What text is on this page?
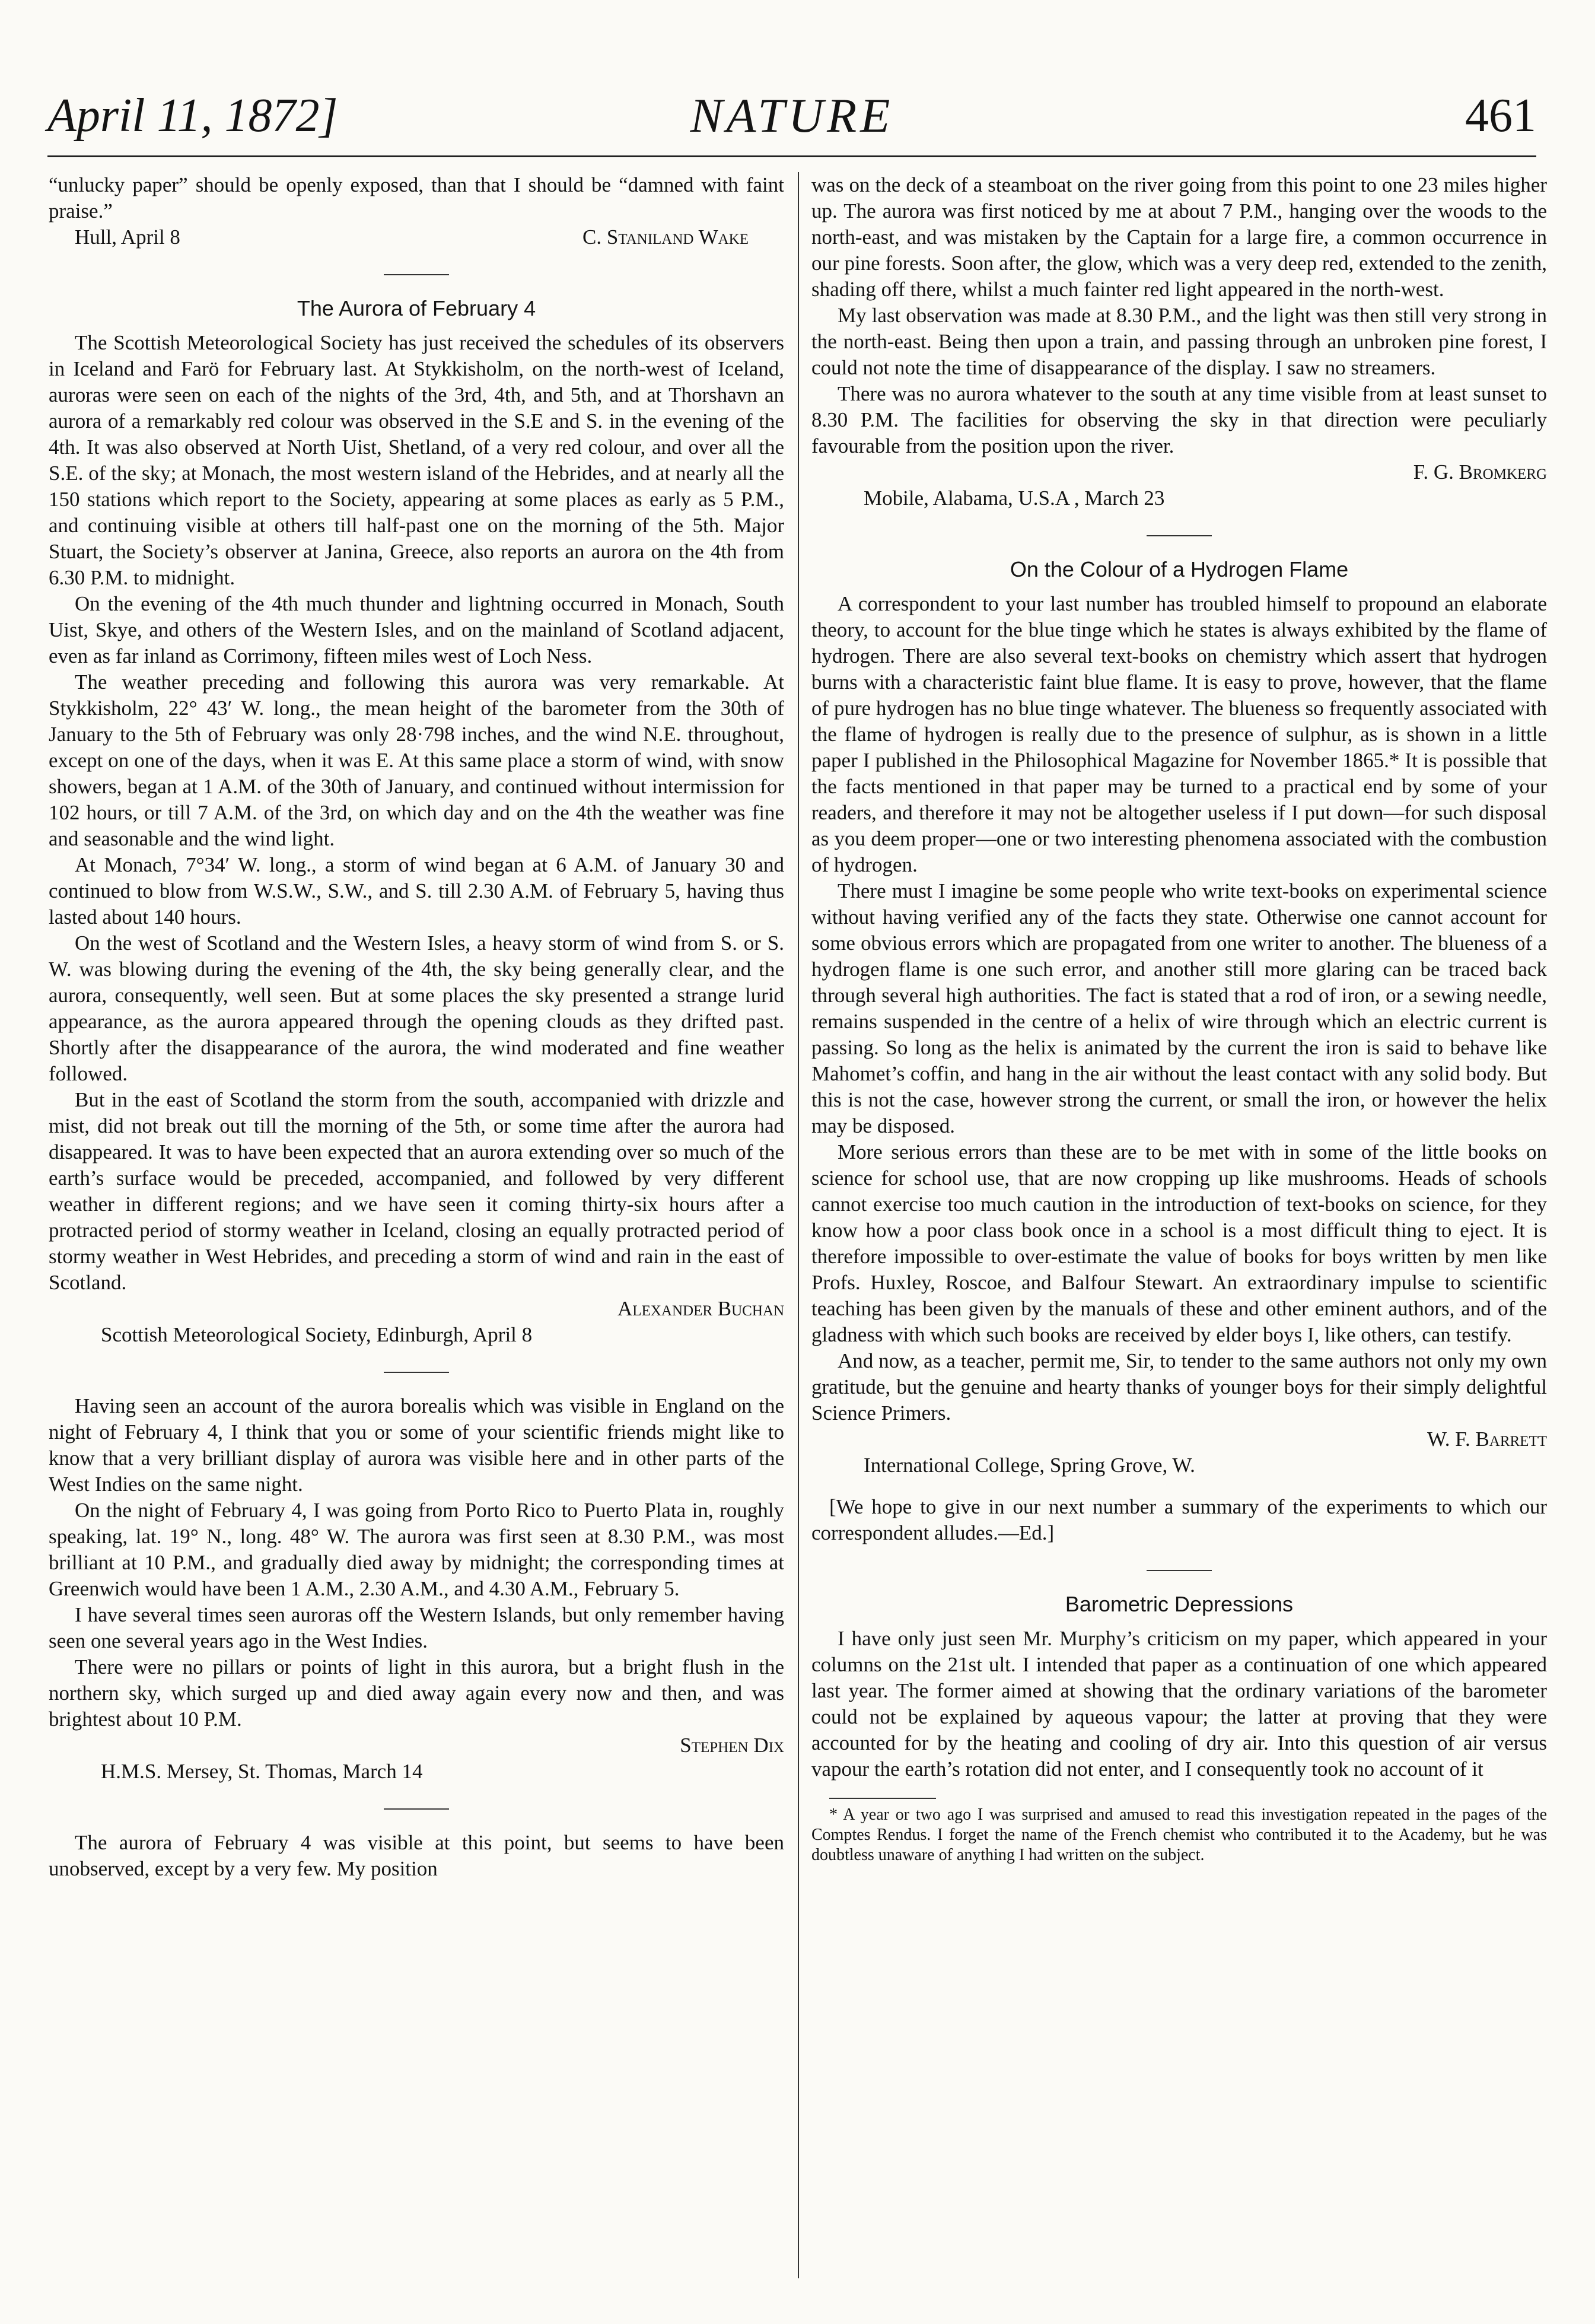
April 11, 1872]	NATURE	461

“unlucky paper” should be openly exposed, than that I should be “damned with faint praise.”

Hull, April 8	C. Staniland Wake
The Aurora of February 4

The Scottish Meteorological Society has just received the schedules of its observers in Iceland and Farö for February last. At Stykkisholm, on the north-west of Iceland, auroras were seen on each of the nights of the 3rd, 4th, and 5th, and at Thorshavn an aurora of a remarkably red colour was observed in the S.E and S. in the evening of the 4th. It was also observed at North Uist, Shetland, of a very red colour, and over all the S.E. of the sky; at Monach, the most western island of the Hebrides, and at nearly all the 150 stations which report to the Society, appearing at some places as early as 5 P.M., and continuing visible at others till half-past one on the morning of the 5th. Major Stuart, the Society’s observer at Janina, Greece, also reports an aurora on the 4th from 6.30 P.M. to midnight.

On the evening of the 4th much thunder and lightning occurred in Monach, South Uist, Skye, and others of the Western Isles, and on the mainland of Scotland adjacent, even as far inland as Corrimony, fifteen miles west of Loch Ness.

The weather preceding and following this aurora was very remarkable. At Stykkisholm, 22° 43′ W. long., the mean height of the barometer from the 30th of January to the 5th of February was only 28·798 inches, and the wind N.E. throughout, except on one of the days, when it was E. At this same place a storm of wind, with snow showers, began at 1 A.M. of the 30th of January, and continued without intermission for 102 hours, or till 7 A.M. of the 3rd, on which day and on the 4th the weather was fine and seasonable and the wind light.

At Monach, 7°34′ W. long., a storm of wind began at 6 A.M. of January 30 and continued to blow from W.S.W., S.W., and S. till 2.30 A.M. of February 5, having thus lasted about 140 hours.

On the west of Scotland and the Western Isles, a heavy storm of wind from S. or S. W. was blowing during the evening of the 4th, the sky being generally clear, and the aurora, consequently, well seen. But at some places the sky presented a strange lurid appearance, as the aurora appeared through the opening clouds as they drifted past. Shortly after the disappearance of the aurora, the wind moderated and fine weather followed.

But in the east of Scotland the storm from the south, accompanied with drizzle and mist, did not break out till the morning of the 5th, or some time after the aurora had disappeared. It was to have been expected that an aurora extending over so much of the earth’s surface would be preceded, accompanied, and followed by very different weather in different regions; and we have seen it coming thirty-six hours after a protracted period of stormy weather in Iceland, closing an equally protracted period of stormy weather in West Hebrides, and preceding a storm of wind and rain in the east of Scotland.

Alexander Buchan

Scottish Meteorological Society, Edinburgh, April 8

Having seen an account of the aurora borealis which was visible in England on the night of February 4, I think that you or some of your scientific friends might like to know that a very brilliant display of aurora was visible here and in other parts of the West Indies on the same night.

On the night of February 4, I was going from Porto Rico to Puerto Plata in, roughly speaking, lat. 19° N., long. 48° W. The aurora was first seen at 8.30 P.M., was most brilliant at 10 P.M., and gradually died away by midnight; the corresponding times at Greenwich would have been 1 A.M., 2.30 A.M., and 4.30 A.M., February 5.

I have several times seen auroras off the Western Islands, but only remember having seen one several years ago in the West Indies.

There were no pillars or points of light in this aurora, but a bright flush in the northern sky, which surged up and died away again every now and then, and was brightest about 10 P.M.

Stephen Dix

H.M.S. Mersey, St. Thomas, March 14

The aurora of February 4 was visible at this point, but seems to have been unobserved, except by a very few. My position

was on the deck of a steamboat on the river going from this point to one 23 miles higher up. The aurora was first noticed by me at about 7 P.M., hanging over the woods to the north-east, and was mistaken by the Captain for a large fire, a common occurrence in our pine forests. Soon after, the glow, which was a very deep red, extended to the zenith, shading off there, whilst a much fainter red light appeared in the north-west.

My last observation was made at 8.30 P.M., and the light was then still very strong in the north-east. Being then upon a train, and passing through an unbroken pine forest, I could not note the time of disappearance of the display. I saw no streamers.

There was no aurora whatever to the south at any time visible from at least sunset to 8.30 P.M. The facilities for observing the sky in that direction were peculiarly favourable from the position upon the river.

F. G. Bromkerg

Mobile, Alabama, U.S.A , March 23

On the Colour of a Hydrogen Flame

A correspondent to your last number has troubled himself to propound an elaborate theory, to account for the blue tinge which he states is always exhibited by the flame of hydrogen. There are also several text-books on chemistry which assert that hydrogen burns with a characteristic faint blue flame. It is easy to prove, however, that the flame of pure hydrogen has no blue tinge whatever. The blueness so frequently associated with the flame of hydrogen is really due to the presence of sulphur, as is shown in a little paper I published in the Philosophical Magazine for November 1865.* It is possible that the facts mentioned in that paper may be turned to a practical end by some of your readers, and therefore it may not be altogether useless if I put down—for such disposal as you deem proper—one or two interesting phenomena associated with the combustion of hydrogen.

There must I imagine be some people who write text-books on experimental science without having verified any of the facts they state. Otherwise one cannot account for some obvious errors which are propagated from one writer to another. The blueness of a hydrogen flame is one such error, and another still more glaring can be traced back through several high authorities. The fact is stated that a rod of iron, or a sewing needle, remains suspended in the centre of a helix of wire through which an electric current is passing. So long as the helix is animated by the current the iron is said to behave like Mahomet’s coffin, and hang in the air without the least contact with any solid body. But this is not the case, however strong the current, or small the iron, or however the helix may be disposed.

More serious errors than these are to be met with in some of the little books on science for school use, that are now cropping up like mushrooms. Heads of schools cannot exercise too much caution in the introduction of text-books on science, for they know how a poor class book once in a school is a most difficult thing to eject. It is therefore impossible to over-estimate the value of books for boys written by men like Profs. Huxley, Roscoe, and Balfour Stewart. An extraordinary impulse to scientific teaching has been given by the manuals of these and other eminent authors, and of the gladness with which such books are received by elder boys I, like others, can testify.

And now, as a teacher, permit me, Sir, to tender to the same authors not only my own gratitude, but the genuine and hearty thanks of younger boys for their simply delightful Science Primers.

W. F. Barrett

International College, Spring Grove, W.

[We hope to give in our next number a summary of the experiments to which our correspondent alludes.—Ed.]

Barometric Depressions

I have only just seen Mr. Murphy’s criticism on my paper, which appeared in your columns on the 21st ult. I intended that paper as a continuation of one which appeared last year. The former aimed at showing that the ordinary variations of the barometer could not be explained by aqueous vapour; the latter at proving that they were accounted for by the heating and cooling of dry air. Into this question of air versus vapour the earth’s rotation did not enter, and I consequently took no account of it

* A year or two ago I was surprised and amused to read this investigation repeated in the pages of the Comptes Rendus. I forget the name of the French chemist who contributed it to the Academy, but he was doubtless unaware of anything I had written on the subject.
